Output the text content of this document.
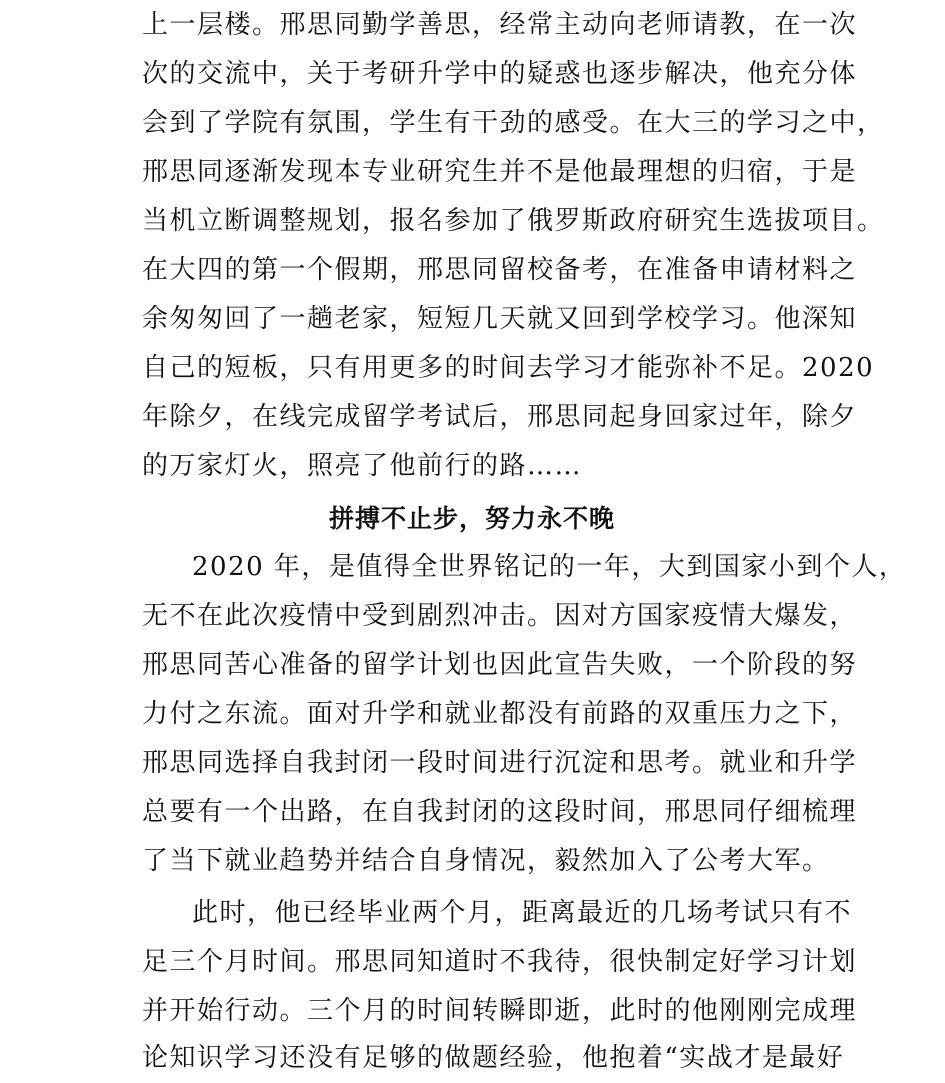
上一层楼。邢思同勤学善思，经常主动向老师请教，在一次
次的交流中，关于考研升学中的疑惑也逐步解决，他充分体
会到了学院有氛围，学生有干劲的感受。在大三的学习之中，
邢思同逐渐发现本专业研究生并不是他最理想的归宿，于是
当机立断调整规划，报名参加了俄罗斯政府研究生选拔项目。
在大四的第一个假期，邢思同留校备考，在准备申请材料之
余匆匆回了一趟老家，短短几天就又回到学校学习。他深知
自己的短板，只有用更多的时间去学习才能弥补不足。2020
年除夕，在线完成留学考试后，邢思同起身回家过年，除夕
的万家灯火，照亮了他前行的路……
拼搏不止步，努力永不晚
2020 年，是值得全世界铭记的一年，大到国家小到个人，
无不在此次疫情中受到剧烈冲击。因对方国家疫情大爆发，
邢思同苦心准备的留学计划也因此宣告失败，一个阶段的努
力付之东流。面对升学和就业都没有前路的双重压力之下，
邢思同选择自我封闭一段时间进行沉淀和思考。就业和升学
总要有一个出路，在自我封闭的这段时间，邢思同仔细梳理
了当下就业趋势并结合自身情况，毅然加入了公考大军。
此时，他已经毕业两个月，距离最近的几场考试只有不
足三个月时间。邢思同知道时不我待，很快制定好学习计划
并开始行动。三个月的时间转瞬即逝，此时的他刚刚完成理
论知识学习还没有足够的做题经验，他抱着“实战才是最好
